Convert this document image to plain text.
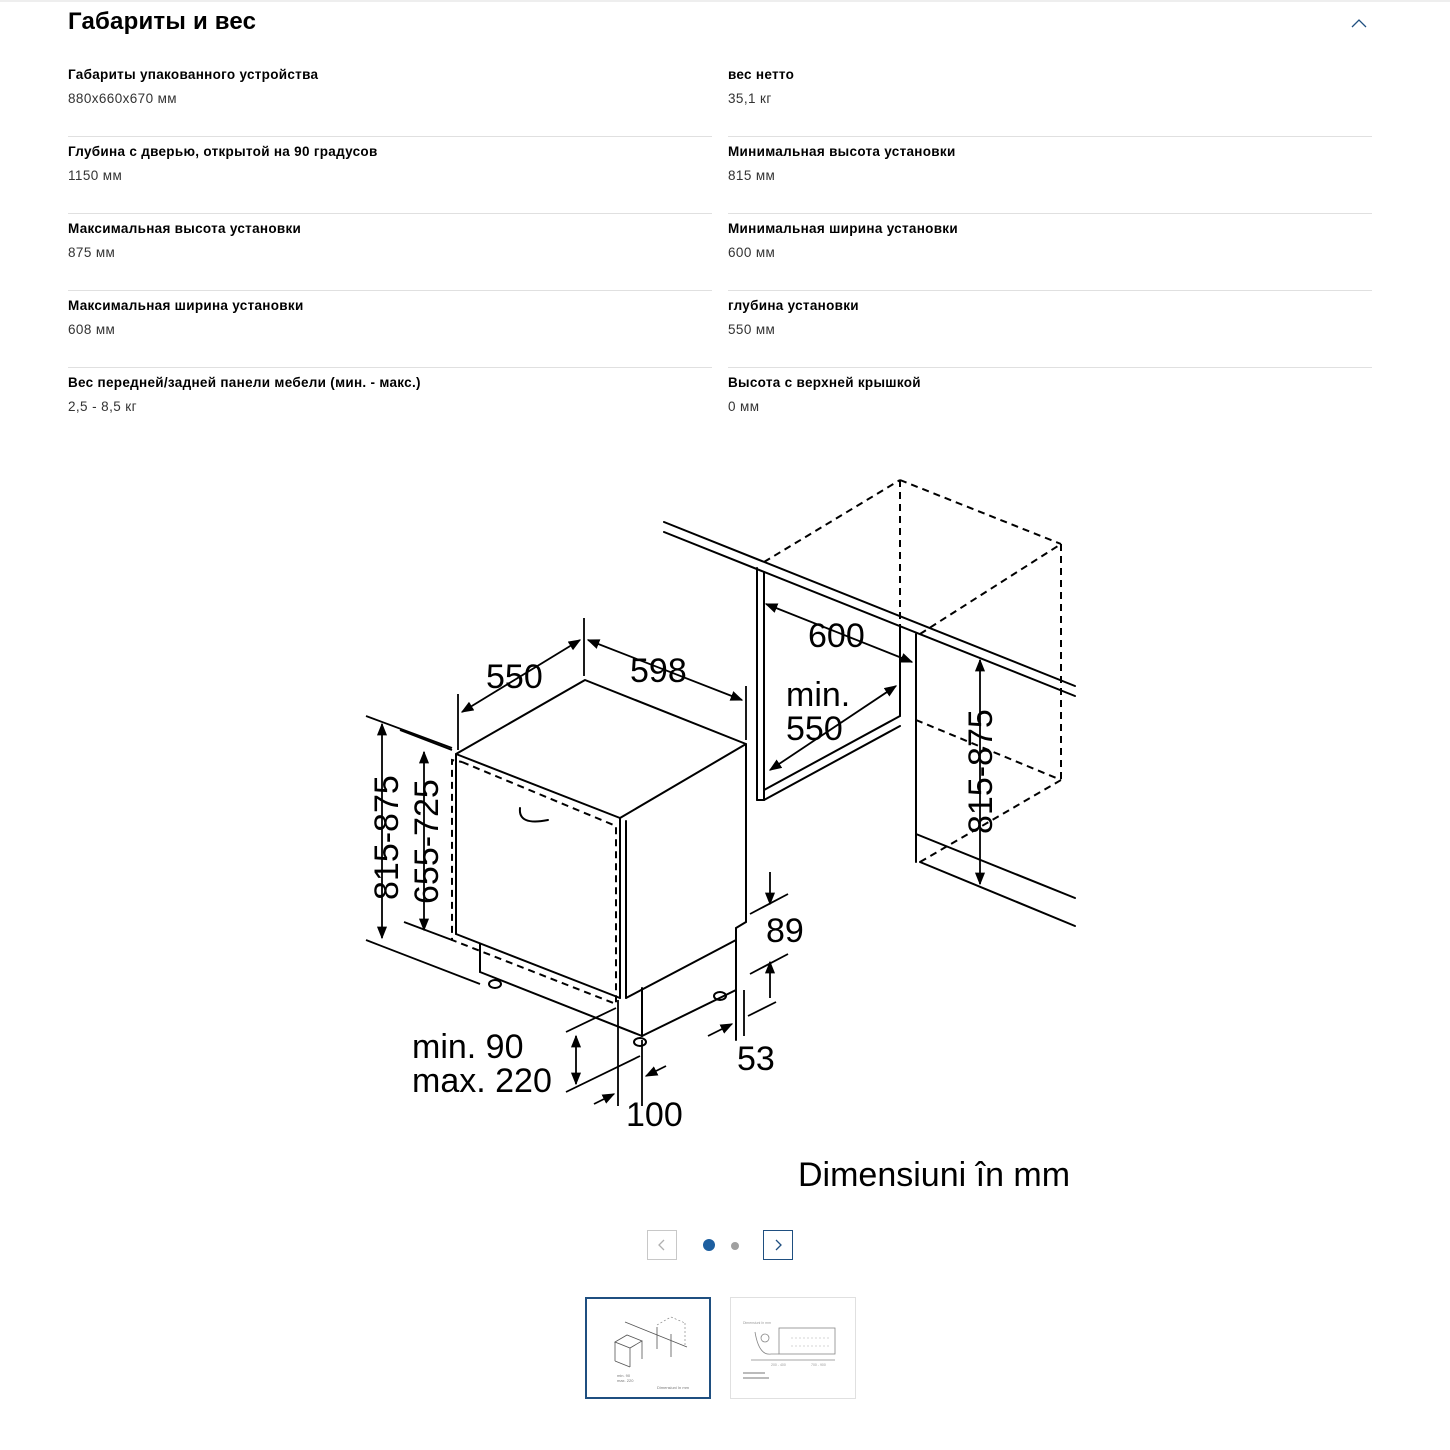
Габариты и вес
Габариты упакованного устройства
880x660x670 мм
Глубина с дверью, открытой на 90 градусов
1150 мм
Максимальная высота установки
875 мм
Максимальная ширина установки
608 мм
Вес передней/задней панели мебели (мин. - макс.)
2,5 - 8,5 кг
вес нетто
35,1 кг
Минимальная высота установки
815 мм
Минимальная ширина установки
600 мм
глубина установки
550 мм
Высота с верхней крышкой
0 мм
550	598
600
min.
550
815-875 655-725
815-875
89
53
min. 90
max. 220
100
Dimensiuni în mm
min. 90
max. 220
Dimensiuni în mm
Dimensiuni în mm
200 - 400	700 - 900
